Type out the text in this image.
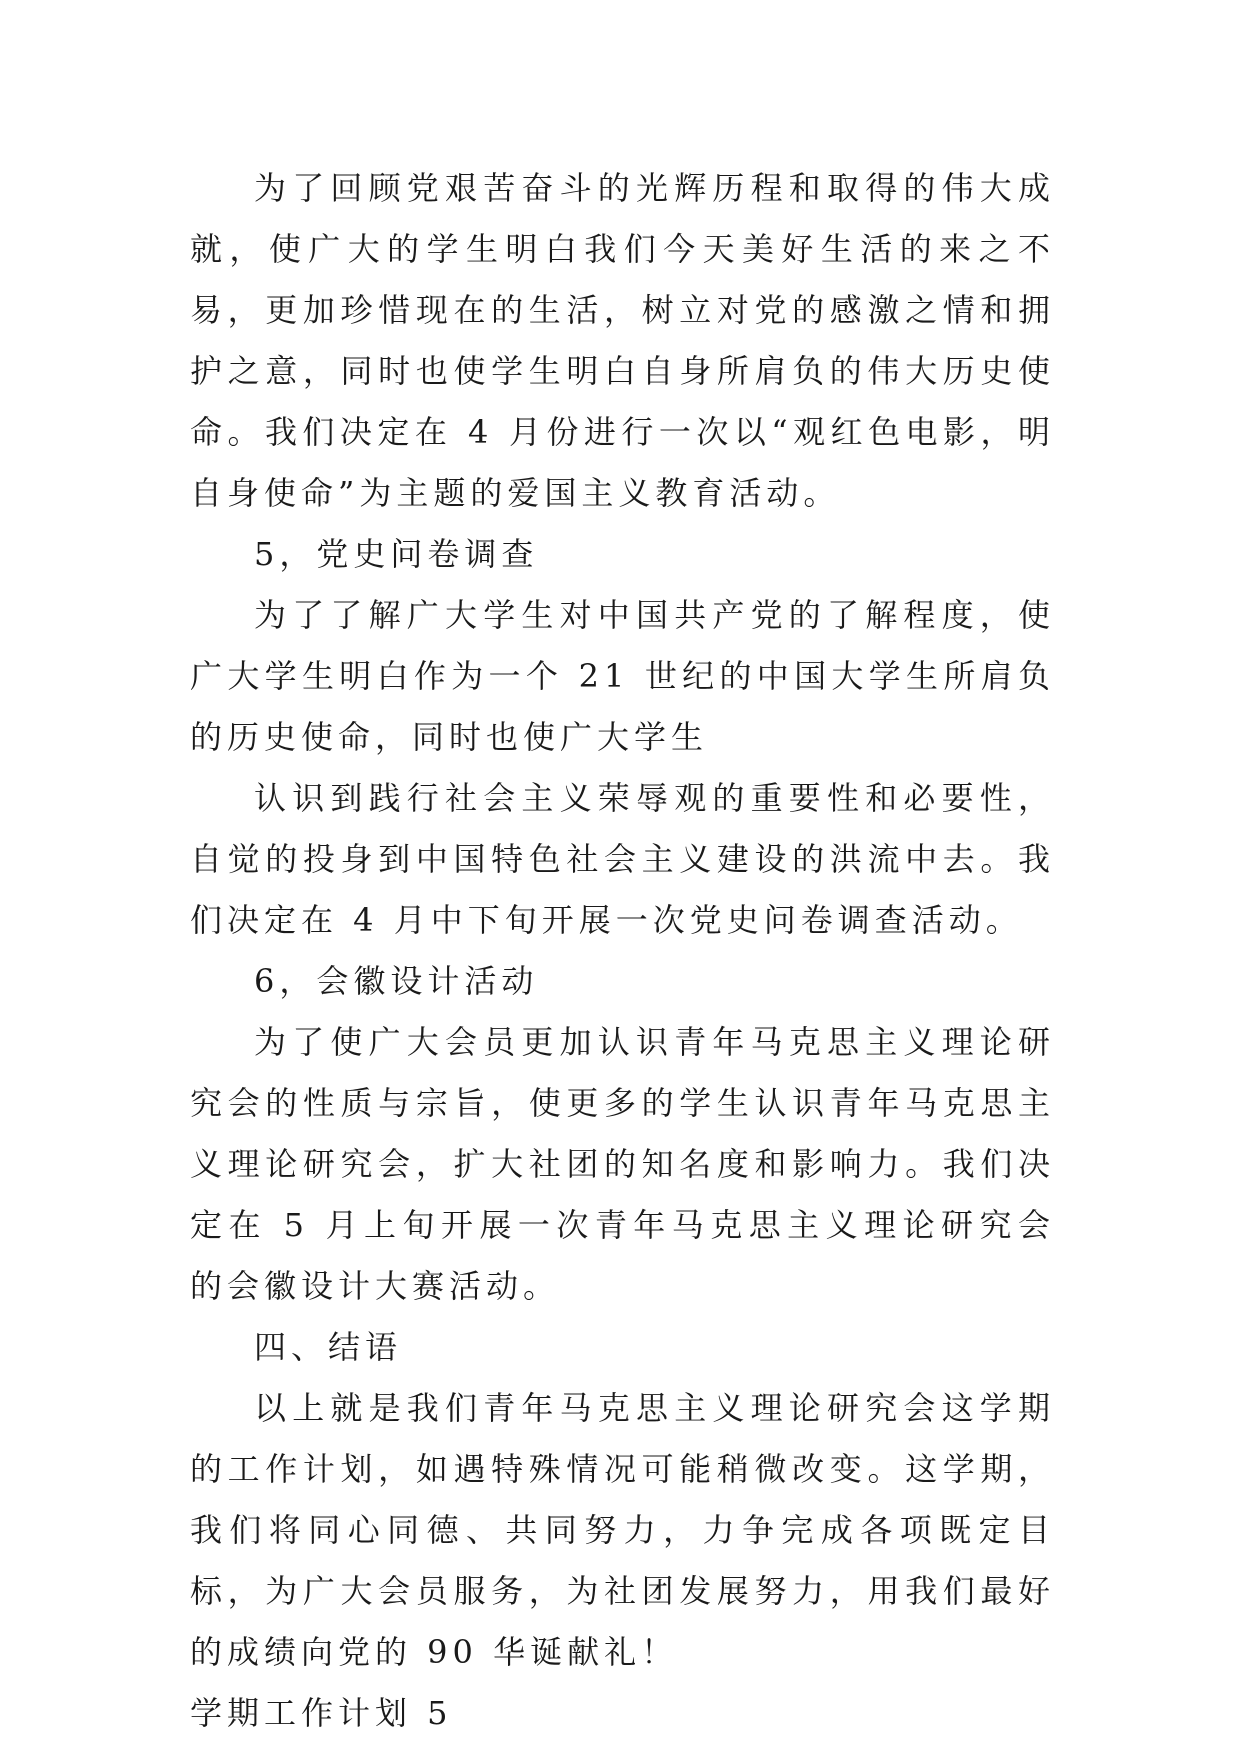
为了回顾党艰苦奋斗的光辉历程和取得的伟大成就，使广大的学生明白我们今天美好生活的来之不易，更加珍惜现在的生活，树立对党的感激之情和拥护之意，同时也使学生明白自身所肩负的伟大历史使命。我们决定在 4 月份进行一次以“观红色电影，明自身使命”为主题的爱国主义教育活动。

5，党史问卷调查

为了了解广大学生对中国共产党的了解程度，使广大学生明白作为一个 21 世纪的中国大学生所肩负的历史使命，同时也使广大学生

认识到践行社会主义荣辱观的重要性和必要性，自觉的投身到中国特色社会主义建设的洪流中去。我们决定在 4 月中下旬开展一次党史问卷调查活动。

6，会徽设计活动

为了使广大会员更加认识青年马克思主义理论研究会的性质与宗旨，使更多的学生认识青年马克思主义理论研究会，扩大社团的知名度和影响力。我们决定在 5 月上旬开展一次青年马克思主义理论研究会的会徽设计大赛活动。

四、结语

以上就是我们青年马克思主义理论研究会这学期的工作计划，如遇特殊情况可能稍微改变。这学期，我们将同心同德、共同努力，力争完成各项既定目标，为广大会员服务，为社团发展努力，用我们最好的成绩向党的 90 华诞献礼！

学期工作计划 5
